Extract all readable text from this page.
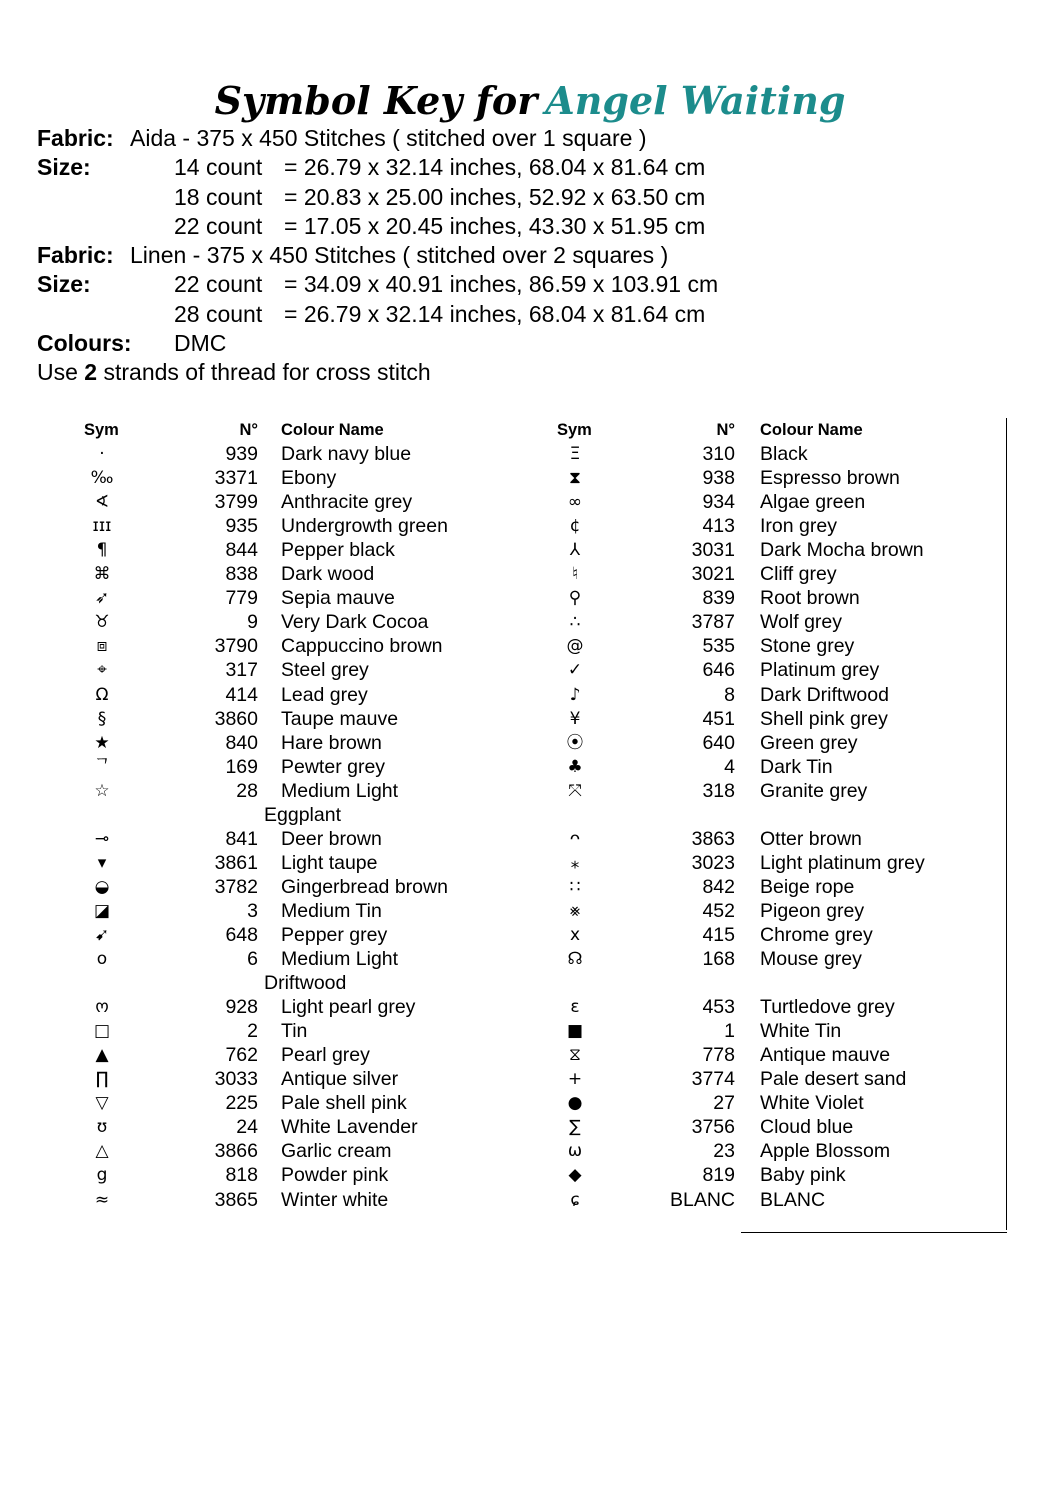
Symbol Key for Angel Waiting
Fabric: Aida - 375 x 450 Stitches ( stitched over 1 square )
Size:	14 count = 26.79 x 32.14 inches, 68.04 x 81.64 cm
18 count = 20.83 x 25.00 inches, 52.92 x 63.50 cm
22 count = 17.05 x 20.45 inches, 43.30 x 51.95 cm
Fabric: Linen - 375 x 450 Stitches ( stitched over 2 squares )
Size:	22 count = 34.09 x 40.91 inches, 86.59 x 103.91 cm
28 count = 26.79 x 32.14 inches, 68.04 x 81.64 cm
Colours: DMC
Use 2 strands of thread for cross stitch
Sym	N° Colour Name
·	939 Dark navy blue
‰	3371 Ebony
∢	3799 Anthracite grey
ɪɪɪ	935 Undergrowth green
¶	844 Pepper black
⌘	838 Dark wood
➶	779 Sepia mauve
♉	9 Very Dark Cocoa
⧈	3790 Cappuccino brown
⌖	317 Steel grey
Ω	414 Lead grey
§	3860 Taupe mauve
★	840 Hare brown
ᄀ	169 Pewter grey
☆	28 Medium Light
Eggplant
⊸	841 Deer brown
▾	3861 Light taupe
◒	3782 Gingerbread brown
◪	3 Medium Tin
➹	648 Pepper grey
o	6 Medium Light
Driftwood
ო	928 Light pearl grey
□	2 Tin
▲	762 Pearl grey
∏	3033 Antique silver
▽	225 Pale shell pink
ʊ	24 White Lavender
△	3866 Garlic cream
g	818 Powder pink
≈	3865 Winter white
Sym	N° Colour Name
Ξ	310 Black
⧗	938 Espresso brown
∞	934 Algae green
¢	413 Iron grey
⅄	3031 Dark Mocha brown
♮	3021 Cliff grey
⚲	839 Root brown
∴	3787 Wolf grey
@	535 Stone grey
✓	646 Platinum grey
♪	8 Dark Driftwood
¥	451 Shell pink grey
⦿	640 Green grey
♣	4 Dark Tin
⤧	318 Granite grey
ᴖ	3863 Otter brown
⁎	3023 Light platinum grey
∷	842 Beige rope
⨳	452 Pigeon grey
x	415 Chrome grey
☊	168 Mouse grey
ε	453 Turtledove grey
■	1 White Tin
⧖	778 Antique mauve
+	3774 Pale desert sand
●	27 White Violet
∑	3756 Cloud blue
ω	23 Apple Blossom
◆	819 Baby pink
ɕ	BLANC BLANC
